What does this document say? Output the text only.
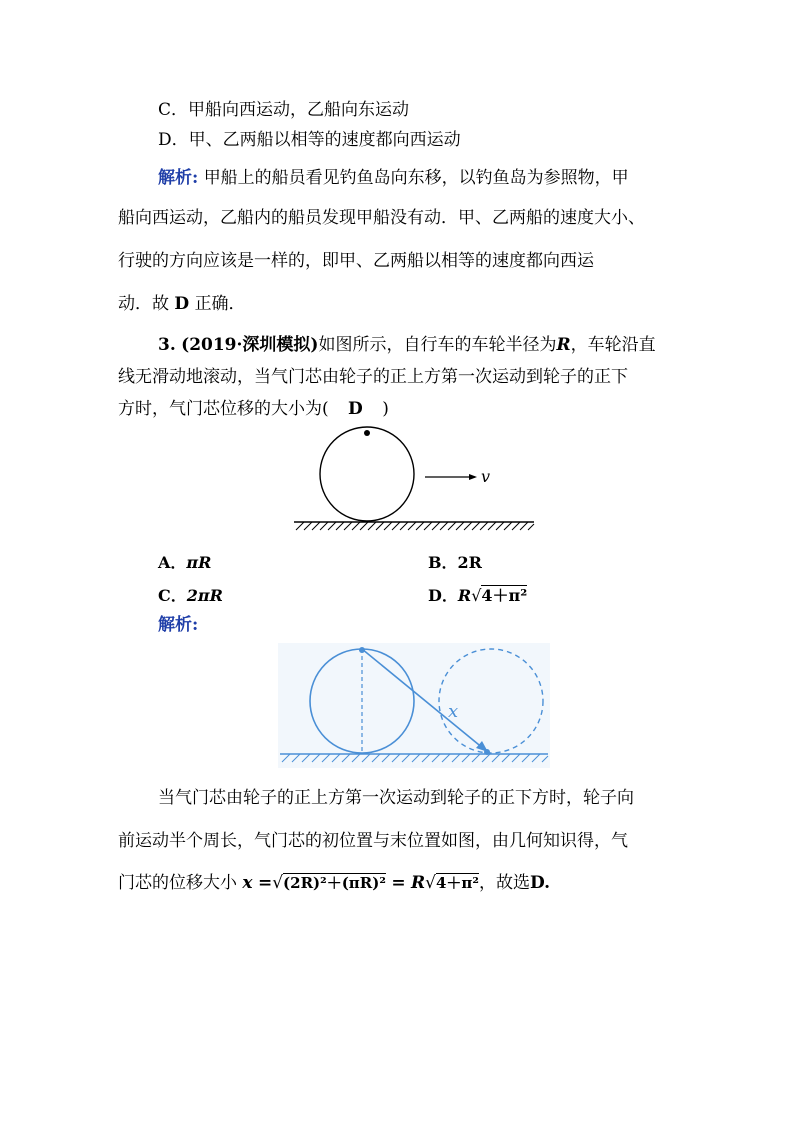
C．甲船向西运动，乙船向东运动
D．甲、乙两船以相等的速度都向西运动
解析: 甲船上的船员看见钓鱼岛向东移，以钓鱼岛为参照物，甲
船向西运动，乙船内的船员发现甲船没有动．甲、乙两船的速度大小、
行驶的方向应该是一样的，即甲、乙两船以相等的速度都向西运
动．故 D 正确．
3. (2019·深圳模拟)如图所示，自行车的车轮半径为R，车轮沿直
线无滑动地滚动，当气门芯由轮子的正上方第一次运动到轮子的正下
方时，气门芯位移的大小为( D )
v
A．πR	B．2R
C．2πR	D．R√4＋π²
解析:
x
当气门芯由轮子的正上方第一次运动到轮子的正下方时，轮子向
前运动半个周长，气门芯的初位置与末位置如图，由几何知识得，气
门芯的位移大小 x =√(2R)²＋(πR)² = R√4＋π²，故选D.
